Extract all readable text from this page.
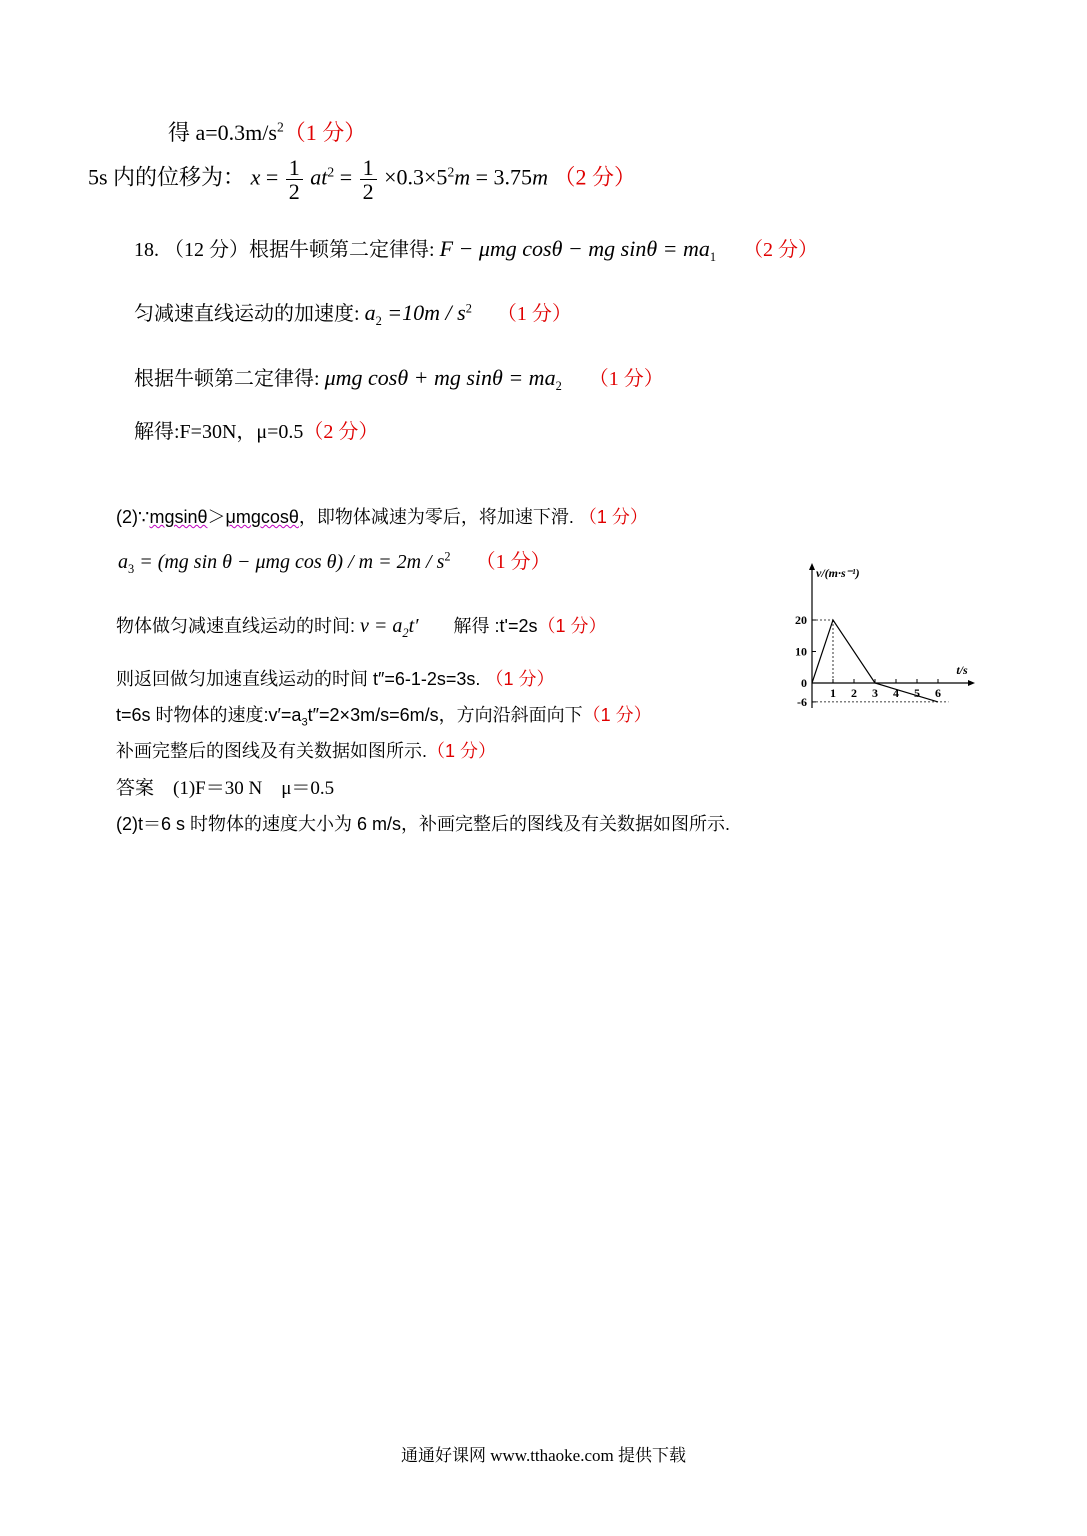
得 $a=0.3m/s^2(1$ 分）
5s 内的位移为： $x = \frac{1}{2} at^2 = \frac{1}{2} \times 0.3\times 5^2m = 3.75m$ （2 分）
18. （12 分）根据牛顿第二定律得: F − μmg cosθ − mg $\sin\theta = ma_1$ （2 分）
匀减速直线运动的加速度: $a_2 =10m / s^2$ （1 分）
根据牛顿第二定律得: μmg cosθ + mg $\sin\theta = ma_2$ （1 分）
解得:F=30N，μ=0.5（2 分）
(2)∵mgsinθ＞μmgcosθ，即物体减速为零后，将加速下滑. （1 分）
$a_3 = (mg$ sin θ − μmg $\cos \theta) / m = 2m / s^2$ （1 分）
物体做匀减速直线运动的时间: $v = a_2t'$ 解得 :t'=2s（1 分）
则返回做匀加速直线运动的时间 t″=6-1-2s=3s. （1 分）
t=6s 时物体的速度$:v'=a_3t''=2\times 3m/s=6m/s$，方向沿斜面向下（1 分）
补画完整后的图线及有关数据如图所示.（1 分）
答案　(1)F＝30 N　μ＝0.5
(2)t＝6 s 时物体的速度大小为 6 m/s，补画完整后的图线及有关数据如图所示.
1 2 3 4 5 6
20
10
0
-6
v/(m·s⁻¹)
t/s
通通好课网 www.tthaoke.com 提供下载
